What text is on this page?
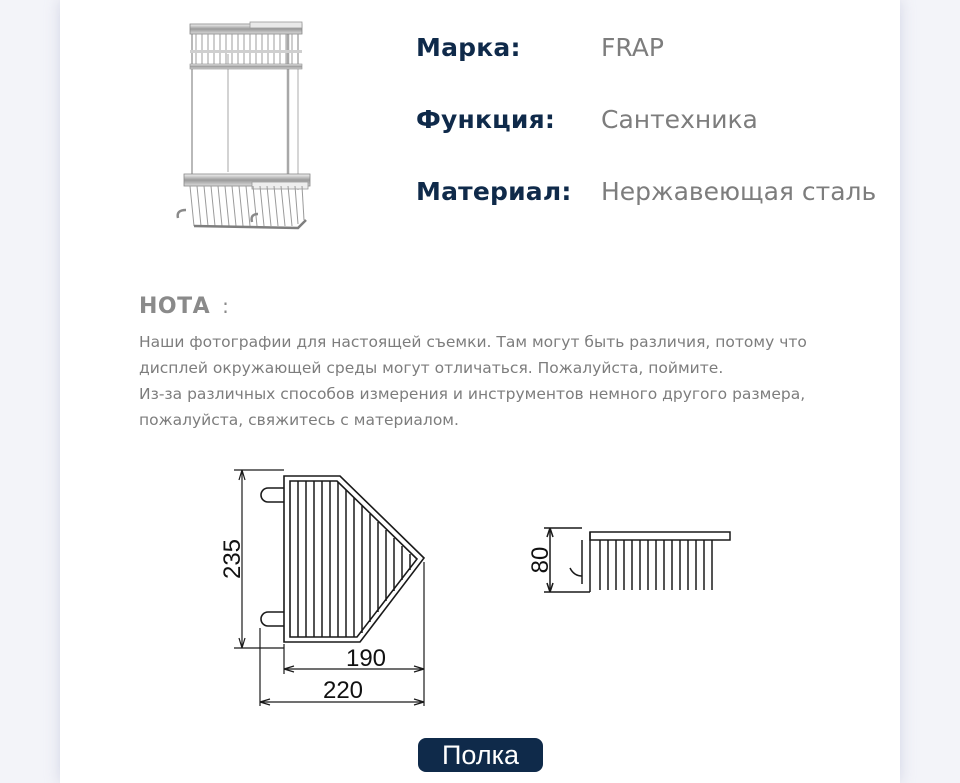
Марка:	FRAP
Функция: Сантехника
Материал: Нержавеющая сталь
НОТА :

Наши фотографии для настоящей съемки. Там могут быть различия, потому что
дисплей окружающей среды могут отличаться. Пожалуйста, поймите.
Из-за различных способов измерения и инструментов немного другого размера,
пожалуйста, свяжитесь с материалом.

235
190
220
80
Полка
